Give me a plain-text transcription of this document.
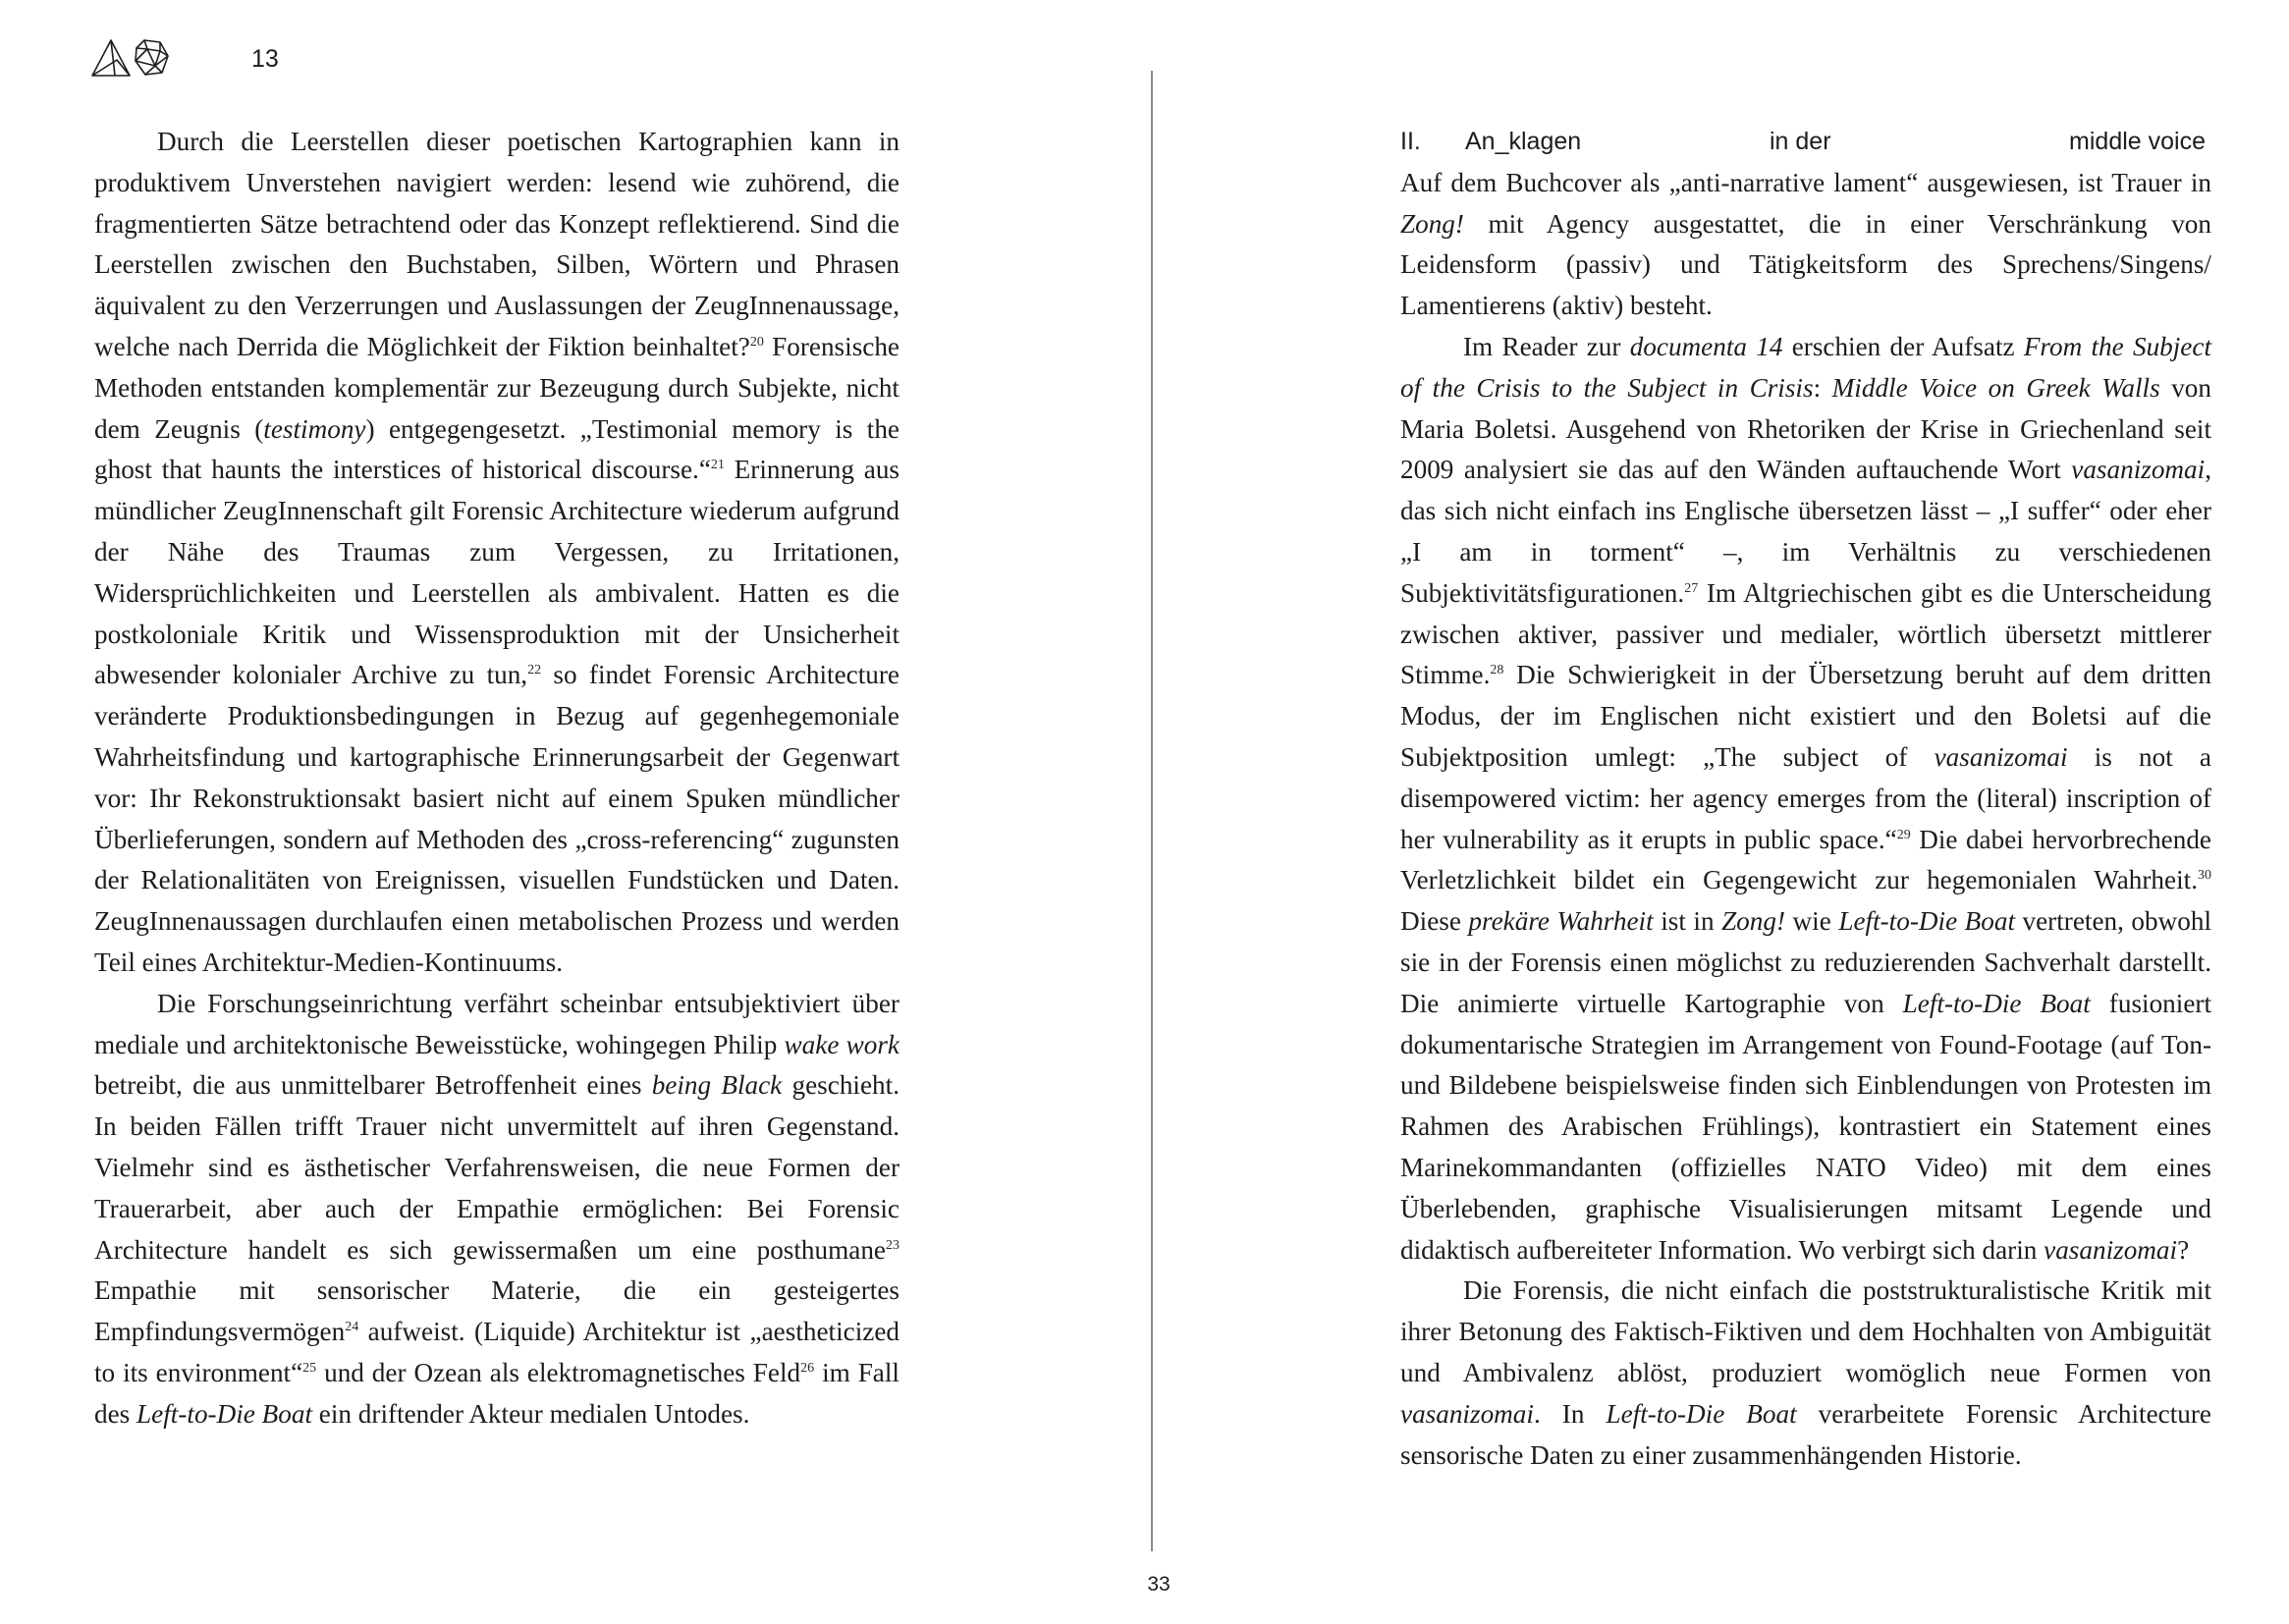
13

Durch die Leerstellen dieser poetischen Kartographien kann in produktivem Unverstehen navigiert werden: lesend wie zuhörend, die fragmentierten Sätze betrachtend oder das Konzept reflektierend. Sind die Leerstellen zwischen den Buchstaben, Silben, Wörtern und Phrasen äquivalent zu den Verzerrungen und Auslassungen der ZeugInnenaussage, welche nach Derrida die Möglichkeit der Fiktion beinhaltet?$^{20}$ Forensische Methoden entstanden komplementär zur Bezeugung durch Subjekte, nicht dem Zeugnis (testimony) entgegengesetzt. „Testimonial memory is the ghost that haunts the interstices of historical discourse.“$^{21}$ Erinnerung aus mündlicher ZeugInnenschaft gilt Forensic Architecture wiederum aufgrund der Nähe des Traumas zum Vergessen, zu Irritationen, Widersprüchlichkeiten und Leerstellen als ambivalent. Hatten es die postkoloniale Kritik und Wissensproduktion mit der Unsicherheit abwesender kolonialer Archive zu tun,$^{22}$ so findet Forensic Architecture veränderte Produktionsbedingungen in Bezug auf gegenhegemoniale Wahrheitsfindung und kartographische Erinnerungsarbeit der Gegenwart vor: Ihr Rekonstruktionsakt basiert nicht auf einem Spuken mündlicher Überlieferungen, sondern auf Methoden des „cross-referencing“ zugunsten der Relationalitäten von Ereignissen, visuellen Fundstücken und Daten. ZeugInnenaussagen durchlaufen einen metabolischen Prozess und werden Teil eines Architektur-Medien-Kontinuums.

Die Forschungseinrichtung verfährt scheinbar entsubjektiviert über mediale und architektonische Beweisstücke, wohingegen Philip wake work betreibt, die aus unmittelbarer Betroffenheit eines being Black geschieht. In beiden Fällen trifft Trauer nicht unvermittelt auf ihren Gegenstand. Vielmehr sind es ästhetischer Verfahrensweisen, die neue Formen der Trauerarbeit, aber auch der Empathie ermöglichen: Bei Forensic Architecture handelt es sich gewissermaßen um eine posthumane$^{23}$ Empathie mit sensorischer Materie, die ein gesteigertes Empfindungsvermögen$^{24}$ aufweist. (Liquide) Architektur ist „aestheticized to its environment“$^{25}$ und der Ozean als elektromagnetisches Feld$^{26}$ im Fall des Left-to-Die Boat ein driftender Akteur medialen Untodes.

II.	An_klagen	in der	middle voice

Auf dem Buchcover als „anti-narrative lament“ ausgewiesen, ist Trauer in Zong! mit Agency ausgestattet, die in einer Verschränkung von Leidensform (passiv) und Tätigkeitsform des Sprechens/Singens/ Lamentierens (aktiv) besteht.

Im Reader zur documenta 14 erschien der Aufsatz From the Subject of the Crisis to the Subject in Crisis: Middle Voice on Greek Walls von Maria Boletsi. Ausgehend von Rhetoriken der Krise in Griechenland seit 2009 analysiert sie das auf den Wänden auftauchende Wort vasanizomai, das sich nicht einfach ins Englische übersetzen lässt – „I suffer“ oder eher „I am in torment“ –, im Verhältnis zu verschiedenen Subjektivitätsfigurationen.$^{27}$ Im Altgriechischen gibt es die Unterscheidung zwischen aktiver, passiver und medialer, wörtlich übersetzt mittlerer Stimme.$^{28}$ Die Schwierigkeit in der Übersetzung beruht auf dem dritten Modus, der im Englischen nicht existiert und den Boletsi auf die Subjektposition umlegt: „The subject of vasanizomai is not a disempowered victim: her agency emerges from the (literal) inscription of her vulnerability as it erupts in public space.“$^{29}$ Die dabei hervorbrechende Verletzlichkeit bildet ein Gegengewicht zur hegemonialen Wahrheit.$^{30}$ Diese prekäre Wahrheit ist in Zong! wie Left-to-Die Boat vertreten, obwohl sie in der Forensis einen möglichst zu reduzierenden Sachverhalt darstellt. Die animierte virtuelle Kartographie von Left-to-Die Boat fusioniert dokumentarische Strategien im Arrangement von Found-Footage (auf Ton- und Bildebene beispielsweise finden sich Einblendungen von Protesten im Rahmen des Arabischen Frühlings), kontrastiert ein Statement eines Marinekommandanten (offizielles NATO Video) mit dem eines Überlebenden, graphische Visualisierungen mitsamt Legende und didaktisch aufbereiteter Information. Wo verbirgt sich darin vasanizomai?

Die Forensis, die nicht einfach die poststrukturalistische Kritik mit ihrer Betonung des Faktisch-Fiktiven und dem Hochhalten von Ambiguität und Ambivalenz ablöst, produziert womöglich neue Formen von vasanizomai. In Left-to-Die Boat verarbeitete Forensic Architecture sensorische Daten zu einer zusammenhängenden Historie.

33
